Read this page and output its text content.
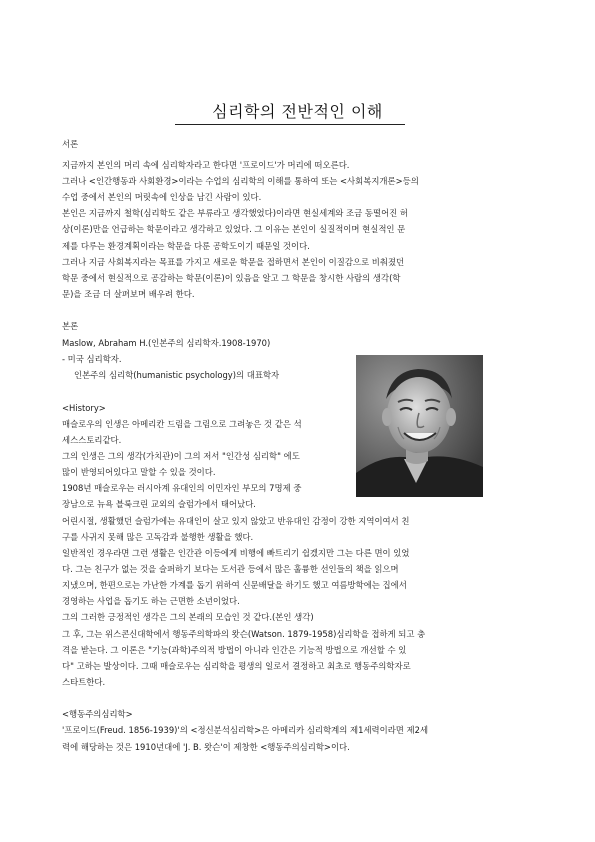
심리학의 전반적인 이해
서론
지금까지 본인의 머리 속에 심리학자라고 한다면 '프로이드'가 머리에 떠오른다.
그러나 <인간행동과 사회환경>이라는 수업의 심리학의 이해를 통하여 또는 <사회복지개론>등의
수업 중에서 본인의 머릿속에 인상을 남긴 사람이 있다.
본인은 지금까지 철학(심리학도 같은 부류라고 생각했었다)이라면 현실세계와 조금 동떨어진 허
상(이론)만을 언급하는 학문이라고 생각하고 있었다. 그 이유는 본인이 실질적이며 현실적인 문
제를 다루는 환경계획이라는 학문을 다룬 공학도이기 때문일 것이다.
그러나 지금 사회복지라는 목표를 가지고 새로운 학문을 접하면서 본인이 이질감으로 비춰졌던
학문 중에서 현실적으로 공감하는 학문(이론)이 있음을 알고 그 학문을 창시한 사람의 생각(학
문)을 조금 더 살펴보며 배우려 한다.
본론
Maslow, Abraham H.(인본주의 심리학자.1908-1970)
- 미국 심리학자.
인본주의 심리학(humanistic psychology)의 대표학자
<History>
매슬로우의 인생은 아메리칸 드림을 그림으로 그려놓은 것 같은 석
세스스토리같다.
그의 인생은 그의 생각(가치관)이 그의 저서 "인간성 심리학" 에도
많이 반영되어있다고 말할 수 있을 것이다.
1908년 매슬로우는 러시아계 유대인의 이민자인 부모의 7명제 중
장남으로 뉴욕 블룩크린 교외의 슬럼가에서 태어났다.
어린시절, 생활했던 슬럼가에는 유대인이 살고 있지 않았고 반유대인 감정이 강한 지역이여서 친
구를 사귀지 못해 많은 고독감과 불행한 생활을 했다.
일반적인 경우라면 그런 생활은 인간관 이등에게 비행에 빠트리기 쉽겠지만 그는 다른 면이 있었
다. 그는 친구가 없는 것을 슬퍼하기 보다는 도서관 등에서 많은 훌륭한 선인들의 책을 읽으며
지냈으며, 한편으로는 가난한 가계를 돕기 위하여 신문배달을 하기도 했고 여름방학에는 집에서
경영하는 사업을 돕기도 하는 근면한 소년이었다.
그의 그러한 긍정적인 생각은 그의 본래의 모습인 것 같다.(본인 생각)
그 후, 그는 위스콘신대학에서 행동주의학파의 왓슨(Watson. 1879-1958)심리학을 접하게 되고 충
격을 받는다. 그 이론은 "기능(과학)주의적 방법이 아니라 인간은 기능적 방법으로 개선할 수 있
다" 고하는 발상이다. 그때 매슬로우는 심리학을 평생의 일로서 결정하고 최초로 행동주의학자로
스타트한다.
<행동주의심리학>
'프로이드(Freud. 1856-1939)'의 <정신분석심리학>은 아메리카 심리학계의 제1세력이라면 제2세
력에 해당하는 것은 1910년대에 'J. B. 왓슨'이 제창한 <행동주의심리학>이다.
